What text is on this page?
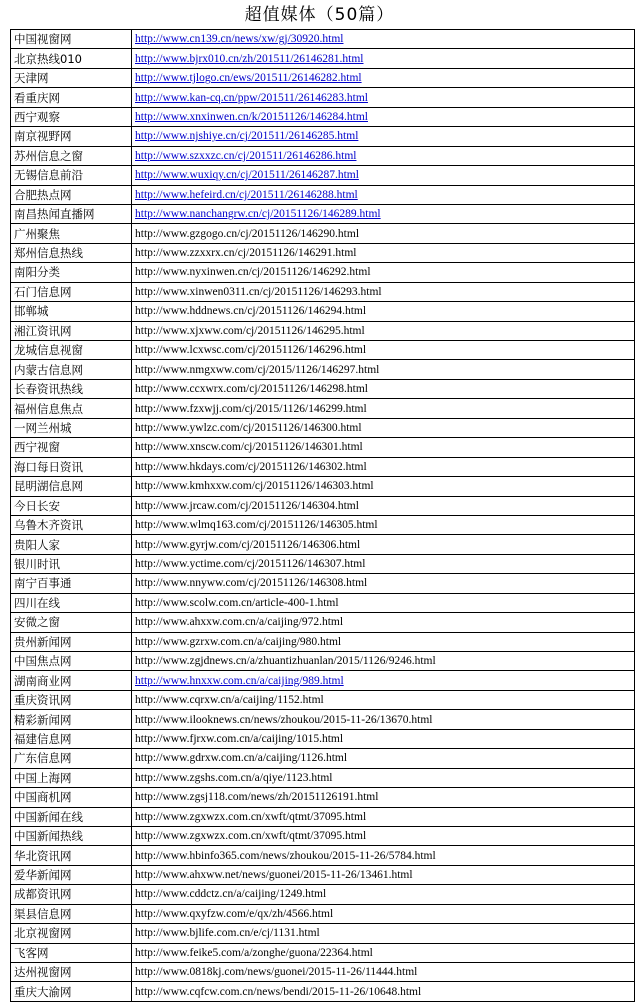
超值媒体（50篇）
中国视窗网	http://www.cn139.cn/news/xw/gj/30920.html
北京热线010	http://www.bjrx010.cn/zh/201511/26146281.html
天津网	http://www.tjlogo.cn/ews/201511/26146282.html
看重庆网	http://www.kan-cq.cn/ppw/201511/26146283.html
西宁观察	http://www.xnxinwen.cn/k/20151126/146284.html
南京视野网	http://www.njshiye.cn/cj/201511/26146285.html
苏州信息之窗	http://www.szxxzc.cn/cj/201511/26146286.html
无锡信息前沿	http://www.wuxiqy.cn/cj/201511/26146287.html
合肥热点网	http://www.hefeird.cn/cj/201511/26146288.html
南昌热闻直播网	http://www.nanchangrw.cn/cj/20151126/146289.html
广州聚焦	http://www.gzgogo.cn/cj/20151126/146290.html
郑州信息热线	http://www.zzxxrx.cn/cj/20151126/146291.html
南阳分类	http://www.nyxinwen.cn/cj/20151126/146292.html
石门信息网	http://www.xinwen0311.cn/cj/20151126/146293.html
邯郸城	http://www.hddnews.cn/cj/20151126/146294.html
湘江资讯网	http://www.xjxww.com/cj/20151126/146295.html
龙城信息视窗	http://www.lcxwsc.com/cj/20151126/146296.html
内蒙古信息网	http://www.nmgxww.com/cj/2015/1126/146297.html
长春资讯热线	http://www.ccxwrx.com/cj/20151126/146298.html
福州信息焦点	http://www.fzxwjj.com/cj/2015/1126/146299.html
一网兰州城	http://www.ywlzc.com/cj/20151126/146300.html
西宁视窗	http://www.xnscw.com/cj/20151126/146301.html
海口每日资讯	http://www.hkdays.com/cj/20151126/146302.html
昆明湖信息网	http://www.kmhxxw.com/cj/20151126/146303.html
今日长安	http://www.jrcaw.com/cj/20151126/146304.html
乌鲁木齐资讯	http://www.wlmq163.com/cj/20151126/146305.html
贵阳人家	http://www.gyrjw.com/cj/20151126/146306.html
银川时讯	http://www.yctime.com/cj/20151126/146307.html
南宁百事通	http://www.nnyww.com/cj/20151126/146308.html
四川在线	http://www.scolw.com.cn/article-400-1.html
安微之窗	http://www.ahxxw.com.cn/a/caijing/972.html
贵州新闻网	http://www.gzrxw.com.cn/a/caijing/980.html
中国焦点网	http://www.zgjdnews.cn/a/zhuantizhuanlan/2015/1126/9246.html
湖南商业网	http://www.hnxxw.com.cn/a/caijing/989.html
重庆资讯网	http://www.cqrxw.cn/a/caijing/1152.html
精彩新闻网	http://www.ilooknews.cn/news/zhoukou/2015-11-26/13670.html
福建信息网	http://www.fjrxw.com.cn/a/caijing/1015.html
广东信息网	http://www.gdrxw.com.cn/a/caijing/1126.html
中国上海网	http://www.zgshs.com.cn/a/qiye/1123.html
中国商机网	http://www.zgsj118.com/news/zh/20151126191.html
中国新闻在线	http://www.zgxwzx.com.cn/xwft/qtmt/37095.html
中国新闻热线	http://www.zgxwzx.com.cn/xwft/qtmt/37095.html
华北资讯网	http://www.hbinfo365.com/news/zhoukou/2015-11-26/5784.html
爱华新闻网	http://www.ahxww.net/news/guonei/2015-11-26/13461.html
成都资讯网	http://www.cddctz.cn/a/caijing/1249.html
渠县信息网	http://www.qxyfzw.com/e/qx/zh/4566.html
北京视窗网	http://www.bjlife.com.cn/e/cj/1131.html
飞客网	http://www.feike5.com/a/zonghe/guona/22364.html
达州视窗网	http://www.0818kj.com/news/guonei/2015-11-26/11444.html
重庆大渝网	http://www.cqfcw.com.cn/news/bendi/2015-11-26/10648.html
